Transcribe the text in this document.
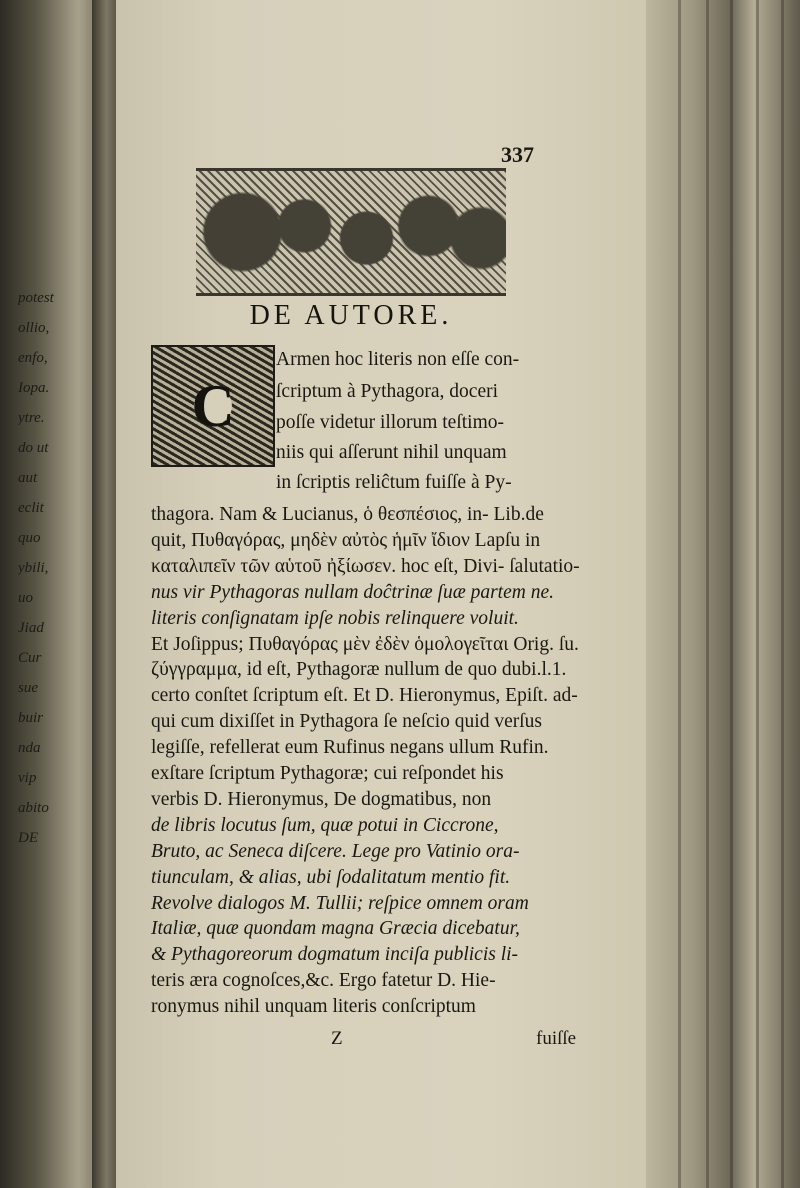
potest
ollio,
enfo,
Iopa.
ytre.
do ut
aut
eclit
quo
ybili,
uo
Jiad
Cur
sue
buir
nda
vip
abito
DE
337
DE AUTORE.
C
Armen hoc literis non eſſe con-
ſcriptum à Pythagora, doceri
poſſe videtur illorum teſtimo-
niis qui aſſerunt nihil unquam
in ſcriptis reliĉtum fuiſſe à Py-
thagora. Nam & Lucianus, ὁ θεσπέσιος, in- Lib.de
quit, Πυθαγόρας, μηδὲν αὐτὸς ἡμῖν ἴδιον Lapſu in
καταλιπεῖν τῶν αὑτοῦ ἠξίωσεν. hoc eſt, Divi- ſalutatio-
nus vir Pythagoras nullam doĉtrinæ ſuæ partem ne.
literis conſignatam ipſe nobis relinquere voluit.
Et Joſippus; Πυθαγόρας μὲν ἐδὲν ὁμολογεῖται Orig. ſu.
ζύγγραμμα, id eſt, Pythagoræ nullum de quo dubi.l.1.
certo conſtet ſcriptum eſt. Et D. Hieronymus, Epiſt. ad-
qui cum dixiſſet in Pythagora ſe neſcio quid verſus
legiſſe, refellerat eum Rufinus negans ullum Rufin.
exſtare ſcriptum Pythagoræ; cui reſpondet his
verbis D. Hieronymus, De dogmatibus, non
de libris locutus ſum, quæ potui in Ciccrone,
Bruto, ac Seneca diſcere. Lege pro Vatinio ora-
tiunculam, & alias, ubi ſodalitatum mentio fit.
Revolve dialogos M. Tullii; reſpice omnem oram
Italiæ, quæ quondam magna Græcia dicebatur,
& Pythagoreorum dogmatum inciſa publicis li-
teris æra cognoſces,&c. Ergo fatetur D. Hie-
ronymus nihil unquam literis conſcriptum
Z	fuiſſe
